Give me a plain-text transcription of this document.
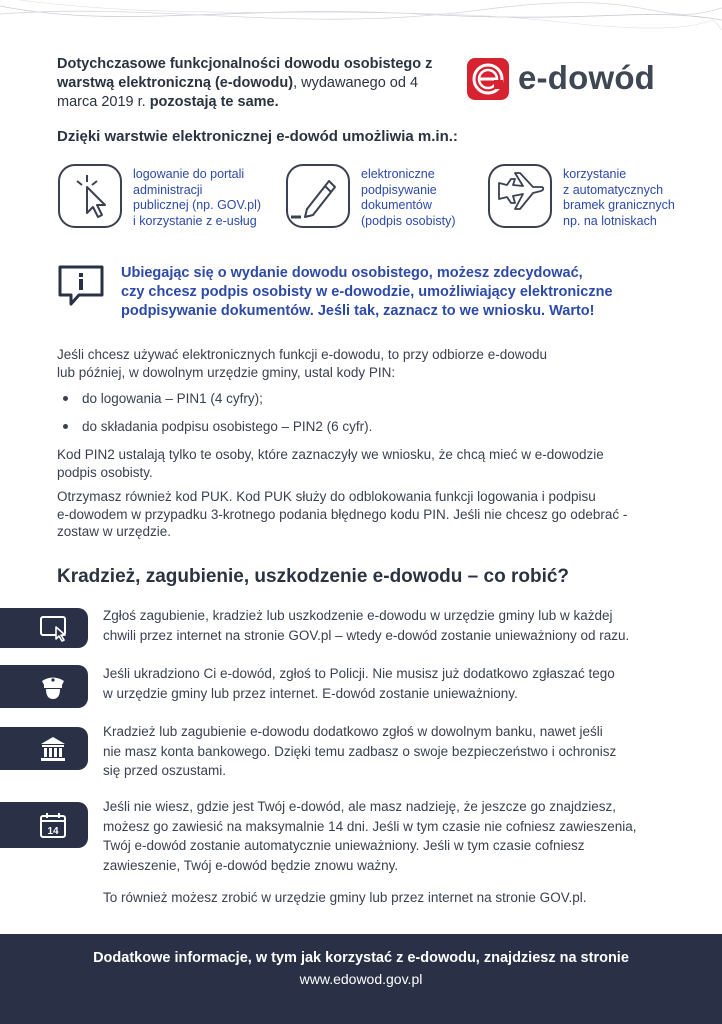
Dotychczasowe funkcjonalności dowodu osobistego z warstwą elektroniczną (e-dowodu), wydawanego od 4 marca 2019 r. pozostają te same.
e-dowód
Dzięki warstwie elektronicznej e-dowód umożliwia m.in.:
logowanie do portali
administracji
publicznej (np. GOV.pl)
i korzystanie z e-usług
elektroniczne
podpisywanie
dokumentów
(podpis osobisty)
korzystanie
z automatycznych
bramek granicznych
np. na lotniskach
Ubiegając się o wydanie dowodu osobistego, możesz zdecydować,
czy chcesz podpis osobisty w e-dowodzie, umożliwiający elektroniczne
podpisywanie dokumentów. Jeśli tak, zaznacz to we wniosku. Warto!
Jeśli chcesz używać elektronicznych funkcji e-dowodu, to przy odbiorze e-dowodu
lub później, w dowolnym urzędzie gminy, ustal kody PIN:
do logowania – PIN1 (4 cyfry);
do składania podpisu osobistego – PIN2 (6 cyfr).
Kod PIN2 ustalają tylko te osoby, które zaznaczyły we wniosku, że chcą mieć w e-dowodzie
podpis osobisty.
Otrzymasz również kod PUK. Kod PUK służy do odblokowania funkcji logowania i podpisu
e-dowodem w przypadku 3-krotnego podania błędnego kodu PIN. Jeśli nie chcesz go odebrać -
zostaw w urzędzie.
Kradzież, zagubienie, uszkodzenie e-dowodu – co robić?
Zgłoś zagubienie, kradzież lub uszkodzenie e-dowodu w urzędzie gminy lub w każdej
chwili przez internet na stronie GOV.pl – wtedy e-dowód zostanie unieważniony od razu.
Jeśli ukradziono Ci e-dowód, zgłoś to Policji. Nie musisz już dodatkowo zgłaszać tego
w urzędzie gminy lub przez internet. E-dowód zostanie unieważniony.
Kradzież lub zagubienie e-dowodu dodatkowo zgłoś w dowolnym banku, nawet jeśli
nie masz konta bankowego. Dzięki temu zadbasz o swoje bezpieczeństwo i ochronisz
się przed oszustami.
14
Jeśli nie wiesz, gdzie jest Twój e-dowód, ale masz nadzieję, że jeszcze go znajdziesz,
możesz go zawiesić na maksymalnie 14 dni. Jeśli w tym czasie nie cofniesz zawieszenia,
Twój e-dowód zostanie automatycznie unieważniony. Jeśli w tym czasie cofniesz
zawieszenie, Twój e-dowód będzie znowu ważny.
To również możesz zrobić w urzędzie gminy lub przez internet na stronie GOV.pl.
Dodatkowe informacje, w tym jak korzystać z e-dowodu, znajdziesz na stronie
www.edowod.gov.pl
